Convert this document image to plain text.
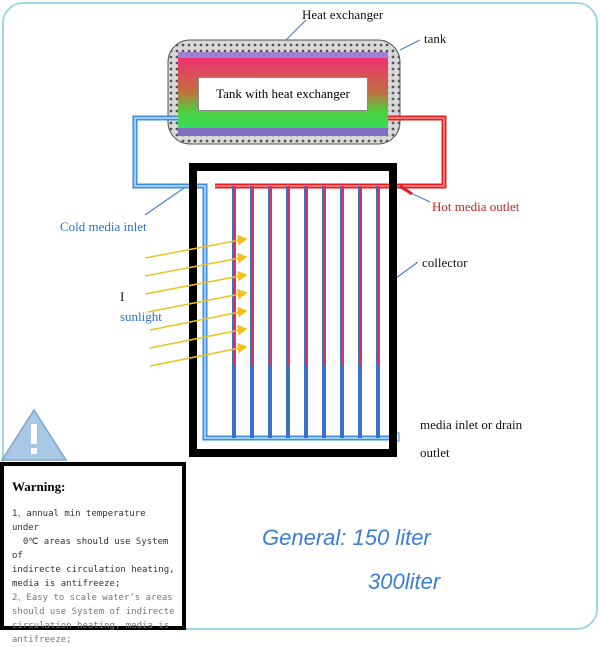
Heat exchanger
tank
Tank with heat exchanger
Cold media inlet
Hot media outlet
collector
I
sunlight
media inlet or drain
outlet
Warning:
1、annual min temperature under
0℃ areas should use System of
indirecte circulation heating,
media is antifreeze;
2、Easy to scale water’s areas
should use System of indirecte
circulation heating, media is
antifreeze;
General: 150 liter
300liter
